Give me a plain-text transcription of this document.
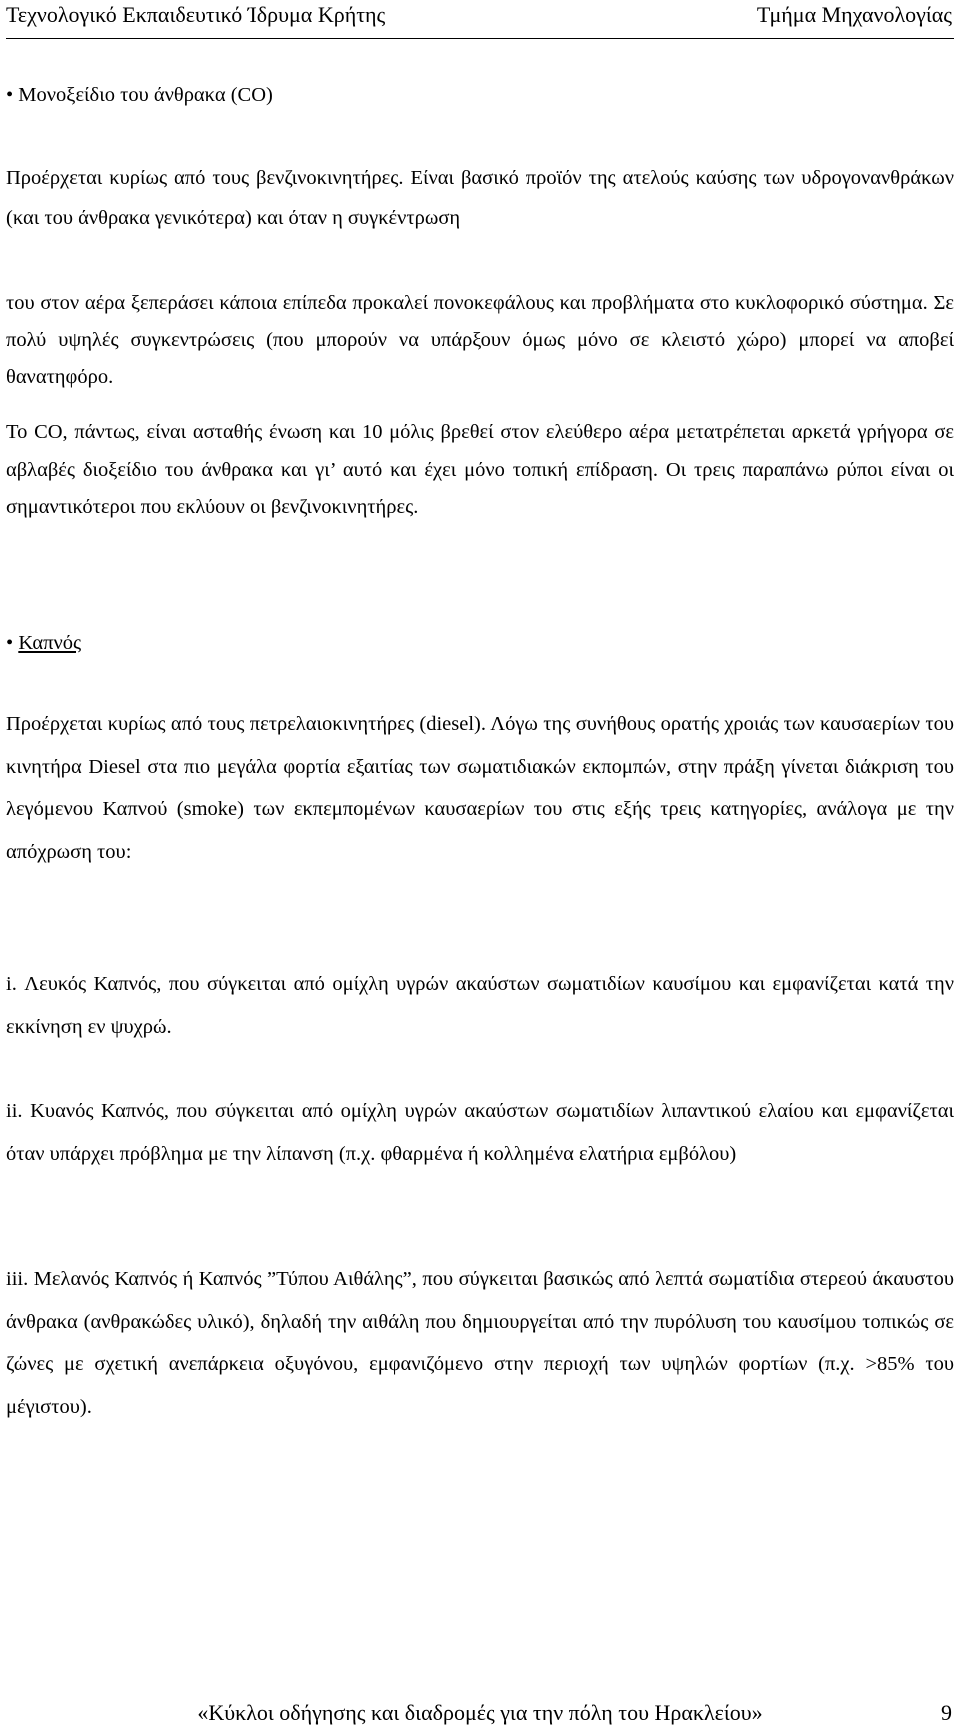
Τεχνολογικό Εκπαιδευτικό Ίδρυμα Κρήτης	Τμήμα Μηχανολογίας

• Μονοξείδιο του άνθρακα (CO)

Προέρχεται κυρίως από τους βενζινοκινητήρες. Είναι βασικό προϊόν της ατελούς καύσης των υδρογονανθράκων (και του άνθρακα γενικότερα) και όταν η συγκέντρωση

του στον αέρα ξεπεράσει κάποια επίπεδα προκαλεί πονοκεφάλους και προβλήματα στο κυκλοφορικό σύστημα. Σε πολύ υψηλές συγκεντρώσεις (που μπορούν να υπάρξουν όμως μόνο σε κλειστό χώρο) μπορεί να αποβεί θανατηφόρο.

Το CO, πάντως, είναι ασταθής ένωση και 10 μόλις βρεθεί στον ελεύθερο αέρα μετατρέπεται αρκετά γρήγορα σε αβλαβές διοξείδιο του άνθρακα και γι’ αυτό και έχει μόνο τοπική επίδραση. Οι τρεις παραπάνω ρύποι είναι οι σημαντικότεροι που εκλύουν οι βενζινοκινητήρες.

• Καπνός

Προέρχεται κυρίως από τους πετρελαιοκινητήρες (diesel). Λόγω της συνήθους ορατής χροιάς των καυσαερίων του κινητήρα Diesel στα πιο μεγάλα φορτία εξαιτίας των σωματιδιακών εκπομπών, στην πράξη γίνεται διάκριση του λεγόμενου Καπνού (smoke) των εκπεμπομένων καυσαερίων του στις εξής τρεις κατηγορίες, ανάλογα με την απόχρωση του:

i. Λευκός Καπνός, που σύγκειται από ομίχλη υγρών ακαύστων σωματιδίων καυσίμου και εμφανίζεται κατά την εκκίνηση εν ψυχρώ.

ii. Κυανός Καπνός, που σύγκειται από ομίχλη υγρών ακαύστων σωματιδίων λιπαντικού ελαίου και εμφανίζεται όταν υπάρχει πρόβλημα με την λίπανση (π.χ. φθαρμένα ή κολλημένα ελατήρια εμβόλου)

iii. Μελανός Καπνός ή Καπνός ”Τύπου Αιθάλης”, που σύγκειται βασικώς από λεπτά σωματίδια στερεού άκαυστου άνθρακα (ανθρακώδες υλικό), δηλαδή την αιθάλη που δημιουργείται από την πυρόλυση του καυσίμου τοπικώς σε ζώνες με σχετική ανεπάρκεια οξυγόνου, εμφανιζόμενο στην περιοχή των υψηλών φορτίων (π.χ. >85% του μέγιστου).

«Κύκλοι οδήγησης και διαδρομές για την πόλη του Ηρακλείου»	9
